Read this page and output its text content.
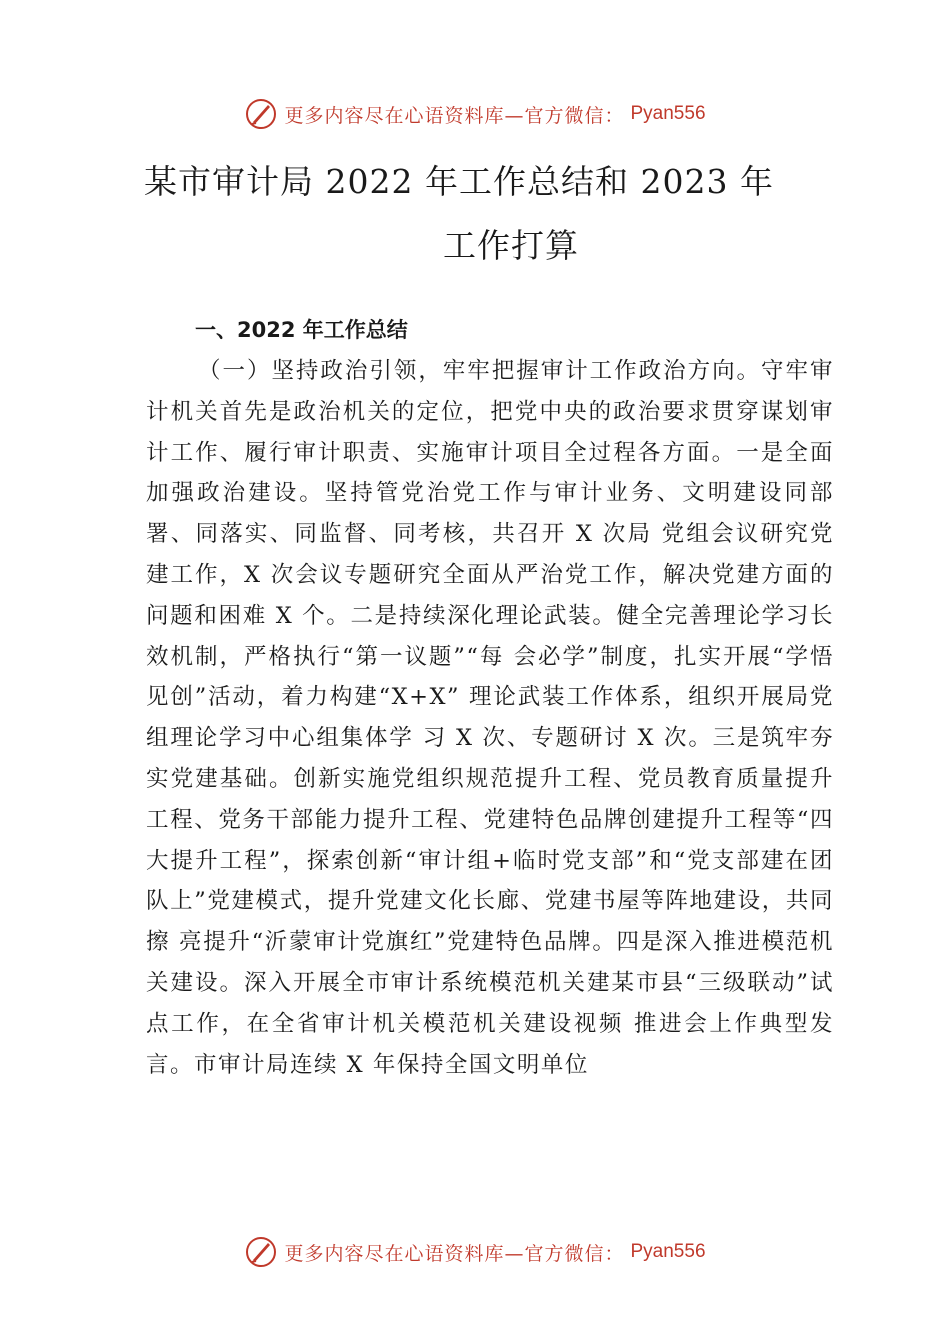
更多内容尽在心语资料库—官方微信： Pyan556
某市审计局 2022 年工作总结和 2023 年
工作打算
一、2022 年工作总结

（一）坚持政治引领，牢牢把握审计工作政治方向。守牢审计机关首先是政治机关的定位，把党中央的政治要求贯穿谋划审计工作、履行审计职责、实施审计项目全过程各方面。一是全面加强政治建设。坚持管党治党工作与审计业务、文明建设同部署、同落实、同监督、同考核，共召开 X 次局 党组会议研究党建工作，X 次会议专题研究全面从严治党工作，解决党建方面的问题和困难 X 个。二是持续深化理论武装。健全完善理论学习长效机制，严格执行“第一议题”“每 会必学”制度，扎实开展“学悟见创”活动，着力构建“X+X” 理论武装工作体系，组织开展局党组理论学习中心组集体学 习 X 次、专题研讨 X 次。三是筑牢夯实党建基础。创新实施党组织规范提升工程、党员教育质量提升工程、党务干部能力提升工程、党建特色品牌创建提升工程等“四大提升工程”，探索创新“审计组+临时党支部”和“党支部建在团队上”党建模式，提升党建文化长廊、党建书屋等阵地建设，共同擦 亮提升“沂蒙审计党旗红”党建特色品牌。四是深入推进模范机关建设。深入开展全市审计系统模范机关建某市县“三级联动”试点工作，在全省审计机关模范机关建设视频 推进会上作典型发言。市审计局连续 X 年保持全国文明单位

更多内容尽在心语资料库—官方微信： Pyan556
